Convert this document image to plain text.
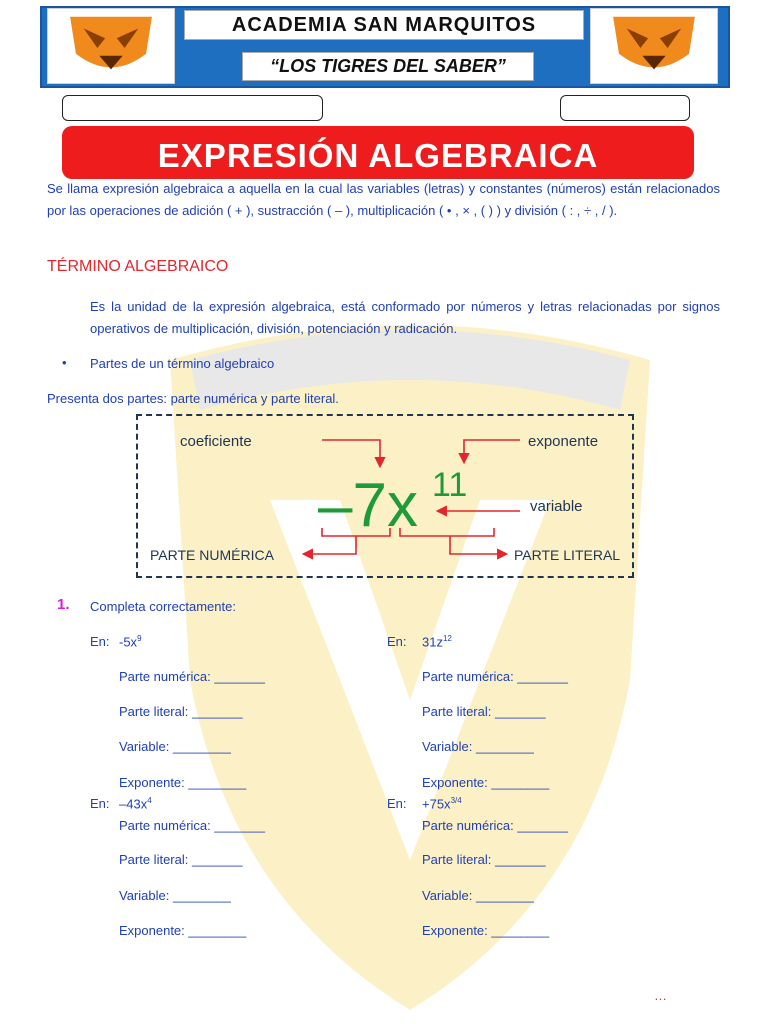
ACADEMIA SAN MARQUITOS
“LOS TIGRES DEL SABER”
EXPRESIÓN ALGEBRAICA
Se llama expresión algebraica a aquella en la cual las variables (letras) y constantes (números) están relacionados por las operaciones de adición ( + ), sustracción ( – ), multiplicación ( • , × , ( ) ) y división ( : , ÷ , / ).
TÉRMINO ALGEBRAICO
Es la unidad de la expresión algebraica, está conformado por números y letras relacionadas por signos operativos de multiplicación, división, potenciación y radicación.
• Partes de un término algebraico
Presenta dos partes: parte numérica y parte literal.
coeficiente	exponente
variable
–7x 11
PARTE NUMÉRICA	PARTE LITERAL
1. Completa correctamente:
En: $-5x^9$
Parte numérica: _______
Parte literal: _______
Variable: ________
Exponente: ________
En: $31z^{12}$
Parte numérica: _______
Parte literal: _______
Variable: ________
Exponente: ________
En: $-43x^4$
Parte numérica: _______
Parte literal: _______
Variable: ________
Exponente: ________
En: $+75x^{3/4}$
Parte numérica: _______
Parte literal: _______
Variable: ________
Exponente: ________
…
